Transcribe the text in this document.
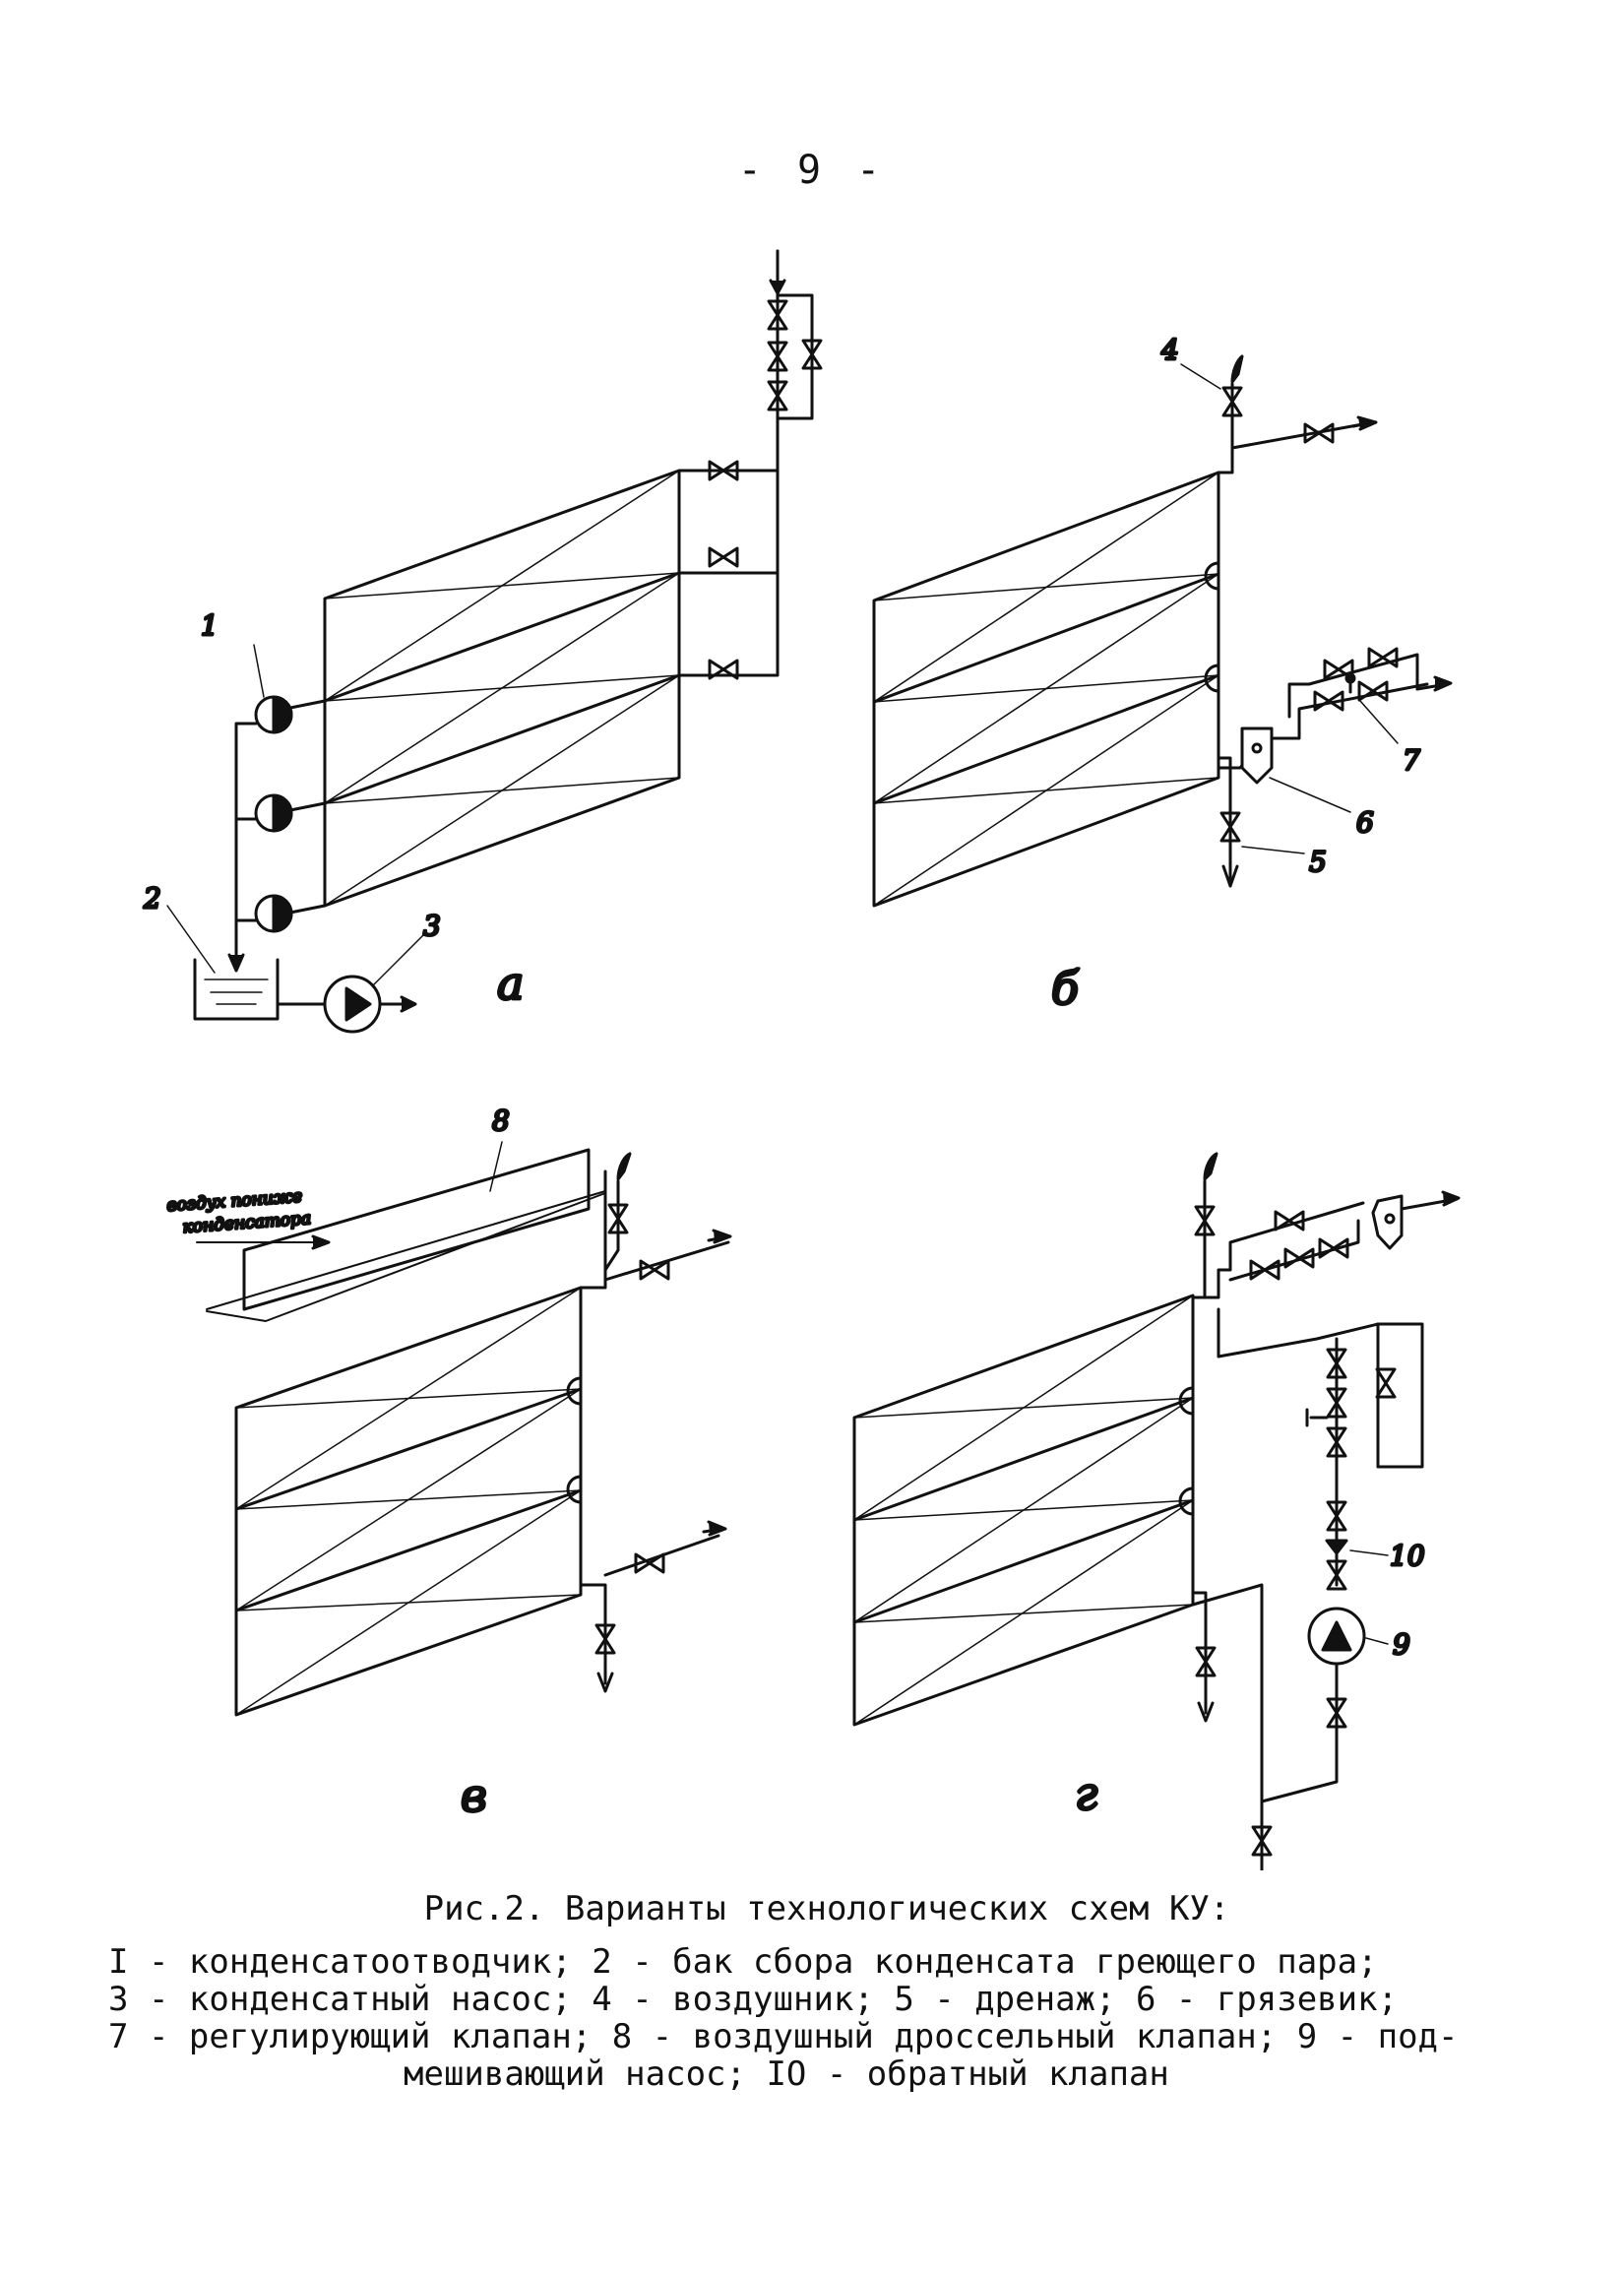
- 9 -
1
2
3
а
4
5
6
7
б
8
воздух пониже
конденсатора
в
10
9
г
Рис.2. Варианты технологических схем КУ:
I - конденсатоотводчик; 2 - бак сбора конденсата греющего пара;
3 - конденсатный насос; 4 - воздушник; 5 - дренаж; 6 - грязевик;
7 - регулирующий клапан; 8 - воздушный дроссельный клапан; 9 - под-
мешивающий насос; IO - обратный клапан
